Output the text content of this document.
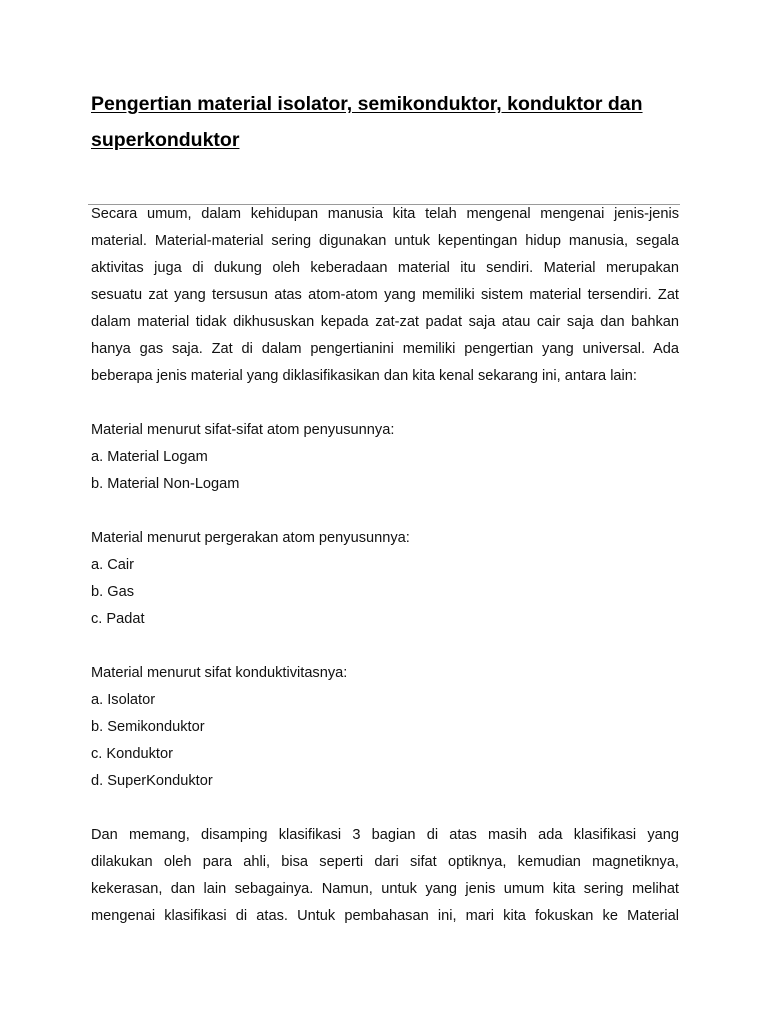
Pengertian material isolator, semikonduktor, konduktor dan
superkonduktor

Secara umum, dalam kehidupan manusia kita telah mengenal mengenai jenis-jenis
material. Material-material sering digunakan untuk kepentingan hidup manusia, segala
aktivitas juga di dukung oleh keberadaan material itu sendiri. Material merupakan
sesuatu zat yang tersusun atas atom-atom yang memiliki sistem material tersendiri. Zat
dalam material tidak dikhususkan kepada zat-zat padat saja atau cair saja dan bahkan
hanya gas saja. Zat di dalam pengertianini memiliki pengertian yang universal. Ada
beberapa jenis material yang diklasifikasikan dan kita kenal sekarang ini, antara lain:

Material menurut sifat-sifat atom penyusunnya:
a. Material Logam
b. Material Non-Logam
Material menurut pergerakan atom penyusunnya:
a. Cair
b. Gas
c. Padat
Material menurut sifat konduktivitasnya:
a. Isolator
b. Semikonduktor
c. Konduktor
d. SuperKonduktor

Dan memang, disamping klasifikasi 3 bagian di atas masih ada klasifikasi yang
dilakukan oleh para ahli, bisa seperti dari sifat optiknya, kemudian magnetiknya,
kekerasan, dan lain sebagainya. Namun, untuk yang jenis umum kita sering melihat
mengenai klasifikasi di atas. Untuk pembahasan ini, mari kita fokuskan ke Material
